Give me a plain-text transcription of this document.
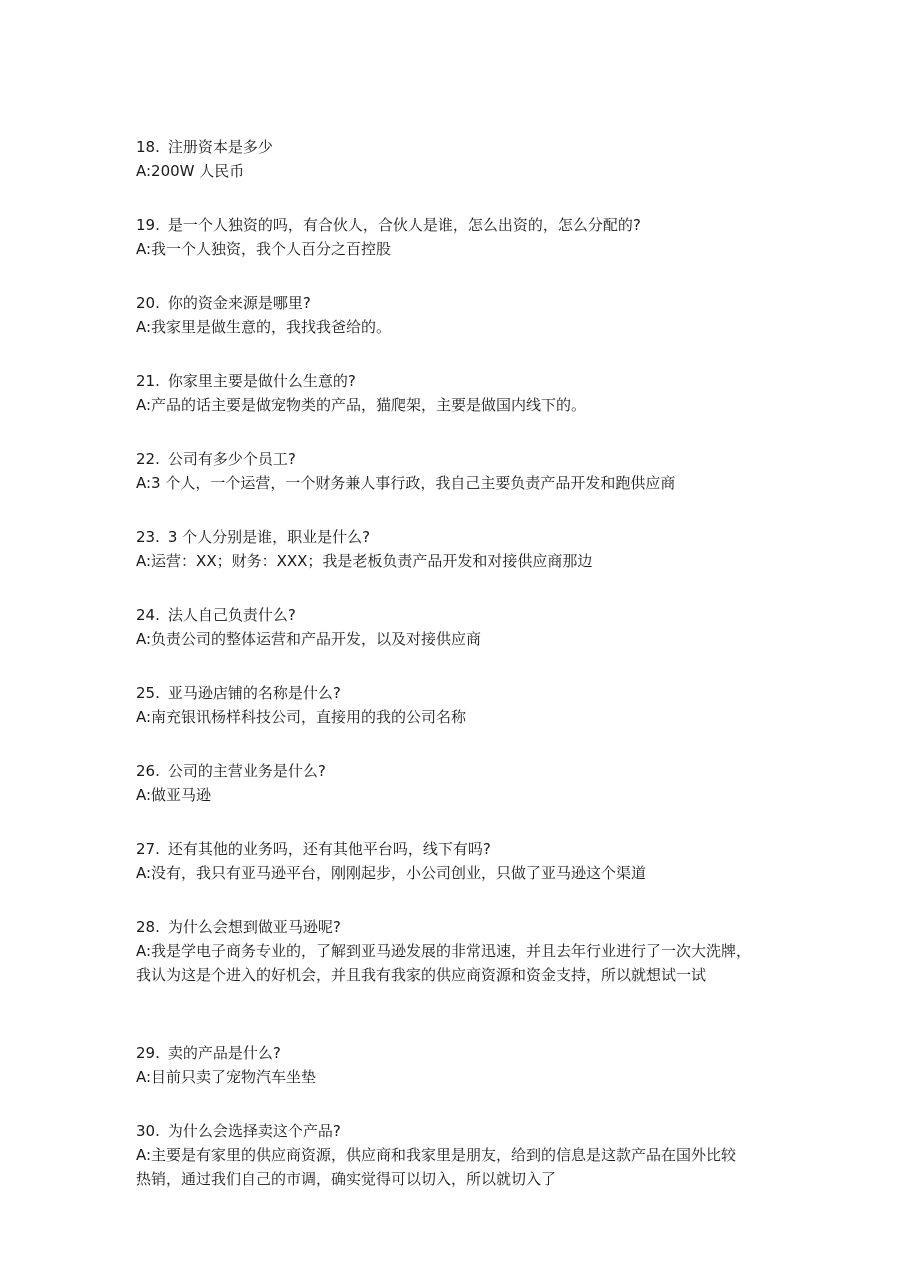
18. 注册资本是多少
A:200W 人民币
19. 是一个人独资的吗，有合伙人，合伙人是谁，怎么出资的，怎么分配的?
A:我一个人独资，我个人百分之百控股
20. 你的资金来源是哪里?
A:我家里是做生意的，我找我爸给的。
21. 你家里主要是做什么生意的?
A:产品的话主要是做宠物类的产品，猫爬架，主要是做国内线下的。
22. 公司有多少个员工?
A:3 个人，一个运营，一个财务兼人事行政，我自己主要负责产品开发和跑供应商
23. 3 个人分别是谁，职业是什么?
A:运营：XX；财务：XXX；我是老板负责产品开发和对接供应商那边
24. 法人自己负责什么?
A:负责公司的整体运营和产品开发，以及对接供应商
25. 亚马逊店铺的名称是什么?
A:南充银讯杨样科技公司，直接用的我的公司名称
26. 公司的主营业务是什么?
A:做亚马逊
27. 还有其他的业务吗，还有其他平台吗，线下有吗?
A:没有，我只有亚马逊平台，刚刚起步，小公司创业，只做了亚马逊这个渠道
28. 为什么会想到做亚马逊呢?
A:我是学电子商务专业的，了解到亚马逊发展的非常迅速，并且去年行业进行了一次大洗牌，
我认为这是个进入的好机会，并且我有我家的供应商资源和资金支持，所以就想试一试
29. 卖的产品是什么?
A:目前只卖了宠物汽车坐垫
30. 为什么会选择卖这个产品?
A:主要是有家里的供应商资源，供应商和我家里是朋友，给到的信息是这款产品在国外比较
热销，通过我们自己的市调，确实觉得可以切入，所以就切入了
